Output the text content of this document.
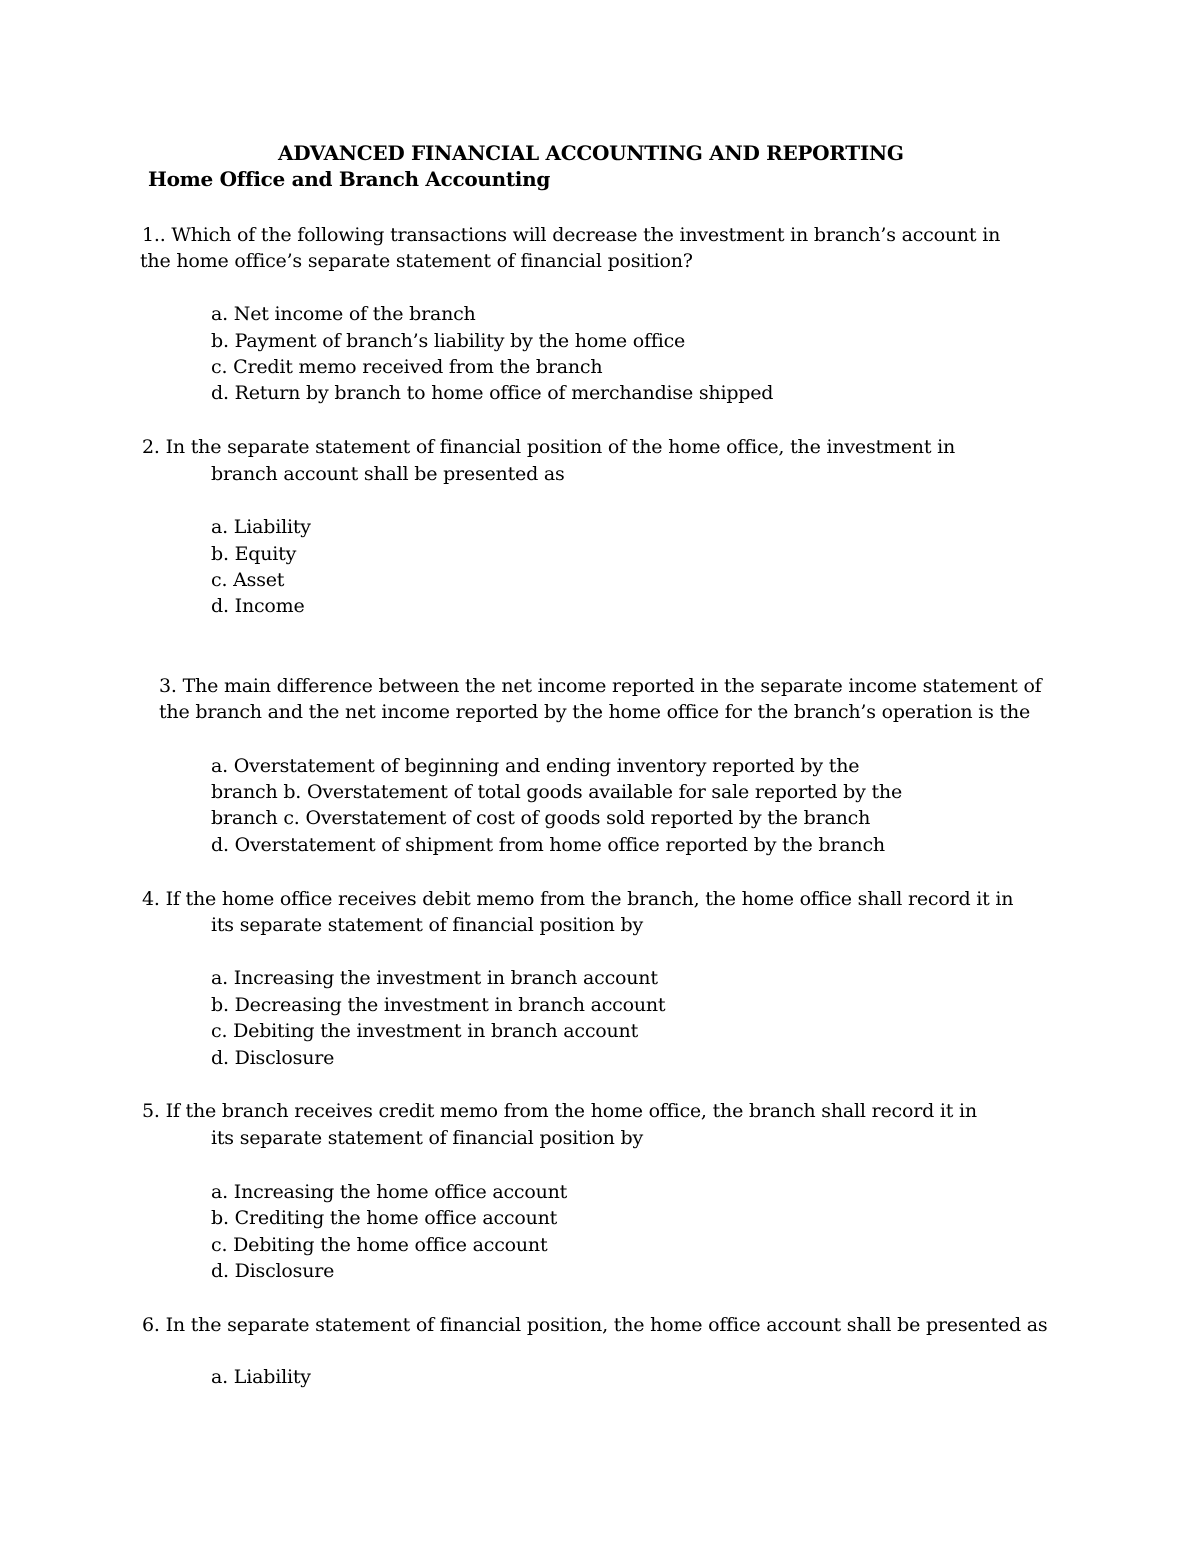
ADVANCED FINANCIAL ACCOUNTING AND REPORTING
Home Office and Branch Accounting
1.. Which of the following transactions will decrease the investment in branch’s account in
the home office’s separate statement of financial position?
a. Net income of the branch
b. Payment of branch’s liability by the home office
c. Credit memo received from the branch
d. Return by branch to home office of merchandise shipped
2. In the separate statement of financial position of the home office, the investment in
branch account shall be presented as
a. Liability
b. Equity
c. Asset
d. Income
3. The main difference between the net income reported in the separate income statement of
the branch and the net income reported by the home office for the branch’s operation is the
a. Overstatement of beginning and ending inventory reported by the
branch b. Overstatement of total goods available for sale reported by the
branch c. Overstatement of cost of goods sold reported by the branch
d. Overstatement of shipment from home office reported by the branch
4. If the home office receives debit memo from the branch, the home office shall record it in
its separate statement of financial position by
a. Increasing the investment in branch account
b. Decreasing the investment in branch account
c. Debiting the investment in branch account
d. Disclosure
5. If the branch receives credit memo from the home office, the branch shall record it in
its separate statement of financial position by
a. Increasing the home office account
b. Crediting the home office account
c. Debiting the home office account
d. Disclosure
6. In the separate statement of financial position, the home office account shall be presented as
a. Liability
